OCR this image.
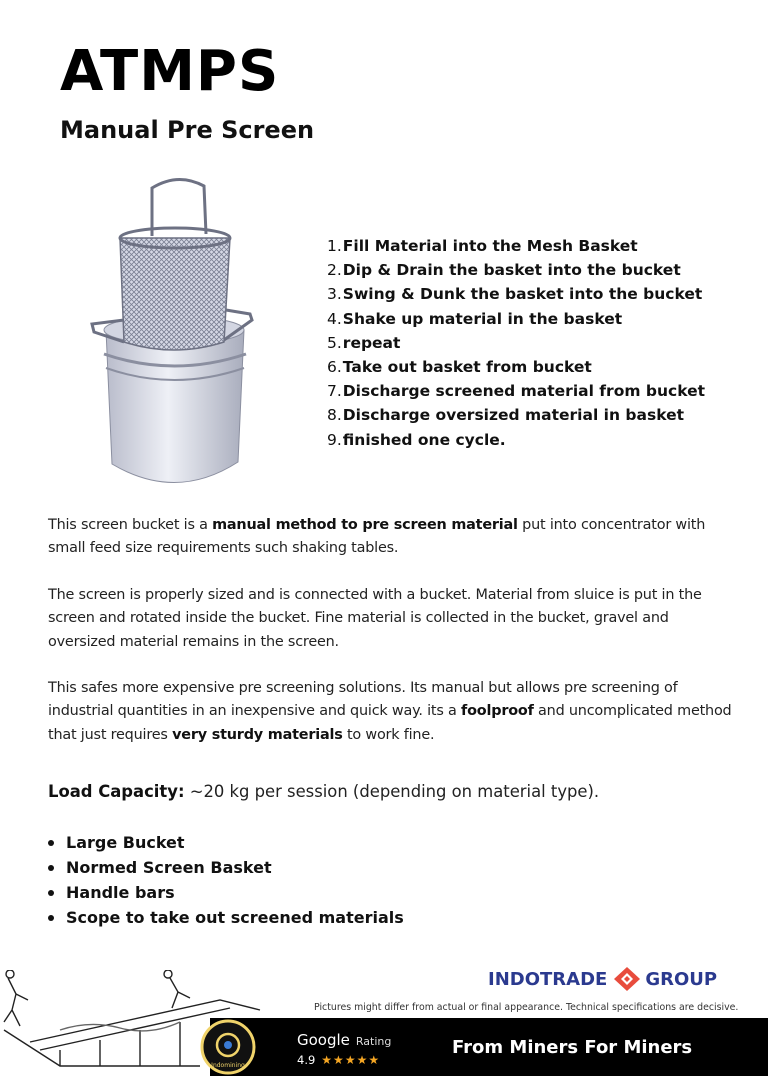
ATMPS
Manual Pre Screen
1.Fill Material into the Mesh Basket
2.Dip & Drain the basket into the bucket
3.Swing & Dunk the basket into the bucket
4.Shake up material in the basket
5.repeat
6.Take out basket from bucket
7.Discharge screened material from bucket
8.Discharge oversized material in basket
9.finished one cycle.

This screen bucket is a manual method to pre screen material put into concentrator with small feed size requirements such shaking tables.

The screen is properly sized and is connected with a bucket. Material from sluice is put in the screen and rotated inside the bucket. Fine material is collected in the bucket, gravel and oversized material remains in the screen.

This safes more expensive pre screening solutions. Its manual but allows pre screening of industrial quantities in an inexpensive and quick way. its a foolproof and uncomplicated method that just requires very sturdy materials to work fine.

Load Capacity: ~20 kg per session (depending on material type).

Large Bucket
Normed Screen Basket
Handle bars
Scope to take out screened materials
INDOTRADE GROUP

Pictures might differ from actual or final appearance. Technical specifications are decisive.

Indomining
Google Rating
4.9 ★★★★★

From Miners For Miners
